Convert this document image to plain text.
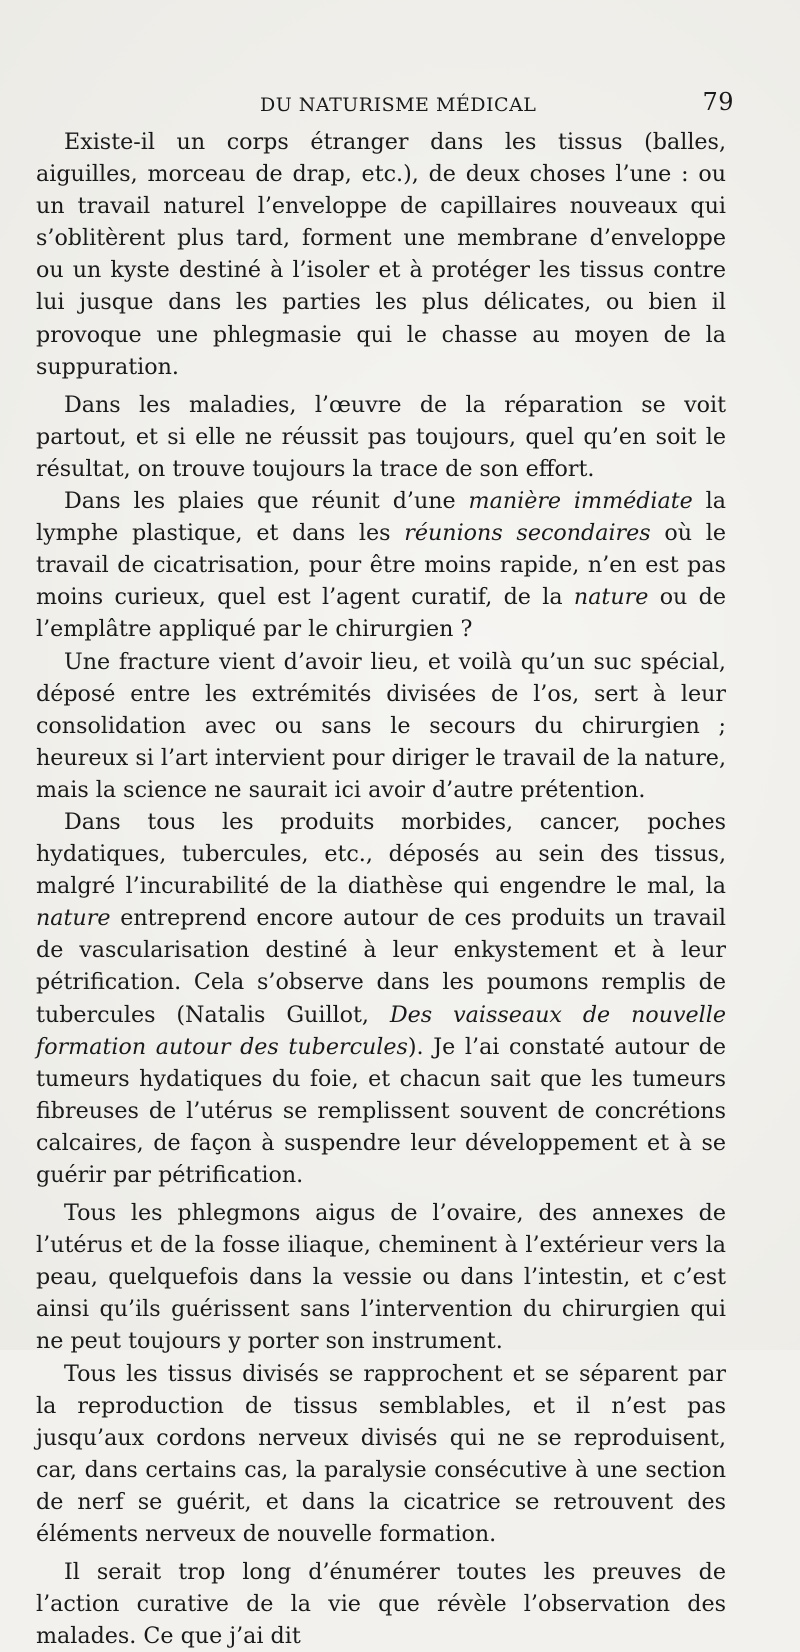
DU NATURISME MÉDICAL	79

Existe-il un corps étranger dans les tissus (balles, aiguilles, morceau de drap, etc.), de deux choses l’une : ou un travail naturel l’enveloppe de capillaires nouveaux qui s’oblitèrent plus tard, forment une membrane d’enveloppe ou un kyste destiné à l’isoler et à protéger les tissus contre lui jusque dans les parties les plus délicates, ou bien il provoque une phlegmasie qui le chasse au moyen de la suppuration.

Dans les maladies, l’œuvre de la réparation se voit partout, et si elle ne réussit pas toujours, quel qu’en soit le résultat, on trouve toujours la trace de son effort.

Dans les plaies que réunit d’une manière immédiate la lymphe plastique, et dans les réunions secondaires où le travail de cicatrisation, pour être moins rapide, n’en est pas moins curieux, quel est l’agent curatif, de la nature ou de l’emplâtre appliqué par le chirurgien ?

Une fracture vient d’avoir lieu, et voilà qu’un suc spécial, déposé entre les extrémités divisées de l’os, sert à leur consolidation avec ou sans le secours du chirurgien ; heureux si l’art intervient pour diriger le travail de la nature, mais la science ne saurait ici avoir d’autre prétention.

Dans tous les produits morbides, cancer, poches hydatiques, tubercules, etc., déposés au sein des tissus, malgré l’incurabilité de la diathèse qui engendre le mal, la nature entreprend encore autour de ces produits un travail de vascularisation destiné à leur enkystement et à leur pétrification. Cela s’observe dans les poumons remplis de tubercules (Natalis Guillot, Des vaisseaux de nouvelle formation autour des tubercules). Je l’ai constaté autour de tumeurs hydatiques du foie, et chacun sait que les tumeurs fibreuses de l’utérus se remplissent souvent de concrétions calcaires, de façon à suspendre leur développement et à se guérir par pétrification.

Tous les phlegmons aigus de l’ovaire, des annexes de l’utérus et de la fosse iliaque, cheminent à l’extérieur vers la peau, quelquefois dans la vessie ou dans l’intestin, et c’est ainsi qu’ils guérissent sans l’intervention du chirurgien qui ne peut toujours y porter son instrument.

Tous les tissus divisés se rapprochent et se séparent par la reproduction de tissus semblables, et il n’est pas jusqu’aux cordons nerveux divisés qui ne se reproduisent, car, dans certains cas, la paralysie consécutive à une section de nerf se guérit, et dans la cicatrice se retrouvent des éléments nerveux de nouvelle formation.

Il serait trop long d’énumérer toutes les preuves de l’action curative de la vie que révèle l’observation des malades. Ce que j’ai dit
